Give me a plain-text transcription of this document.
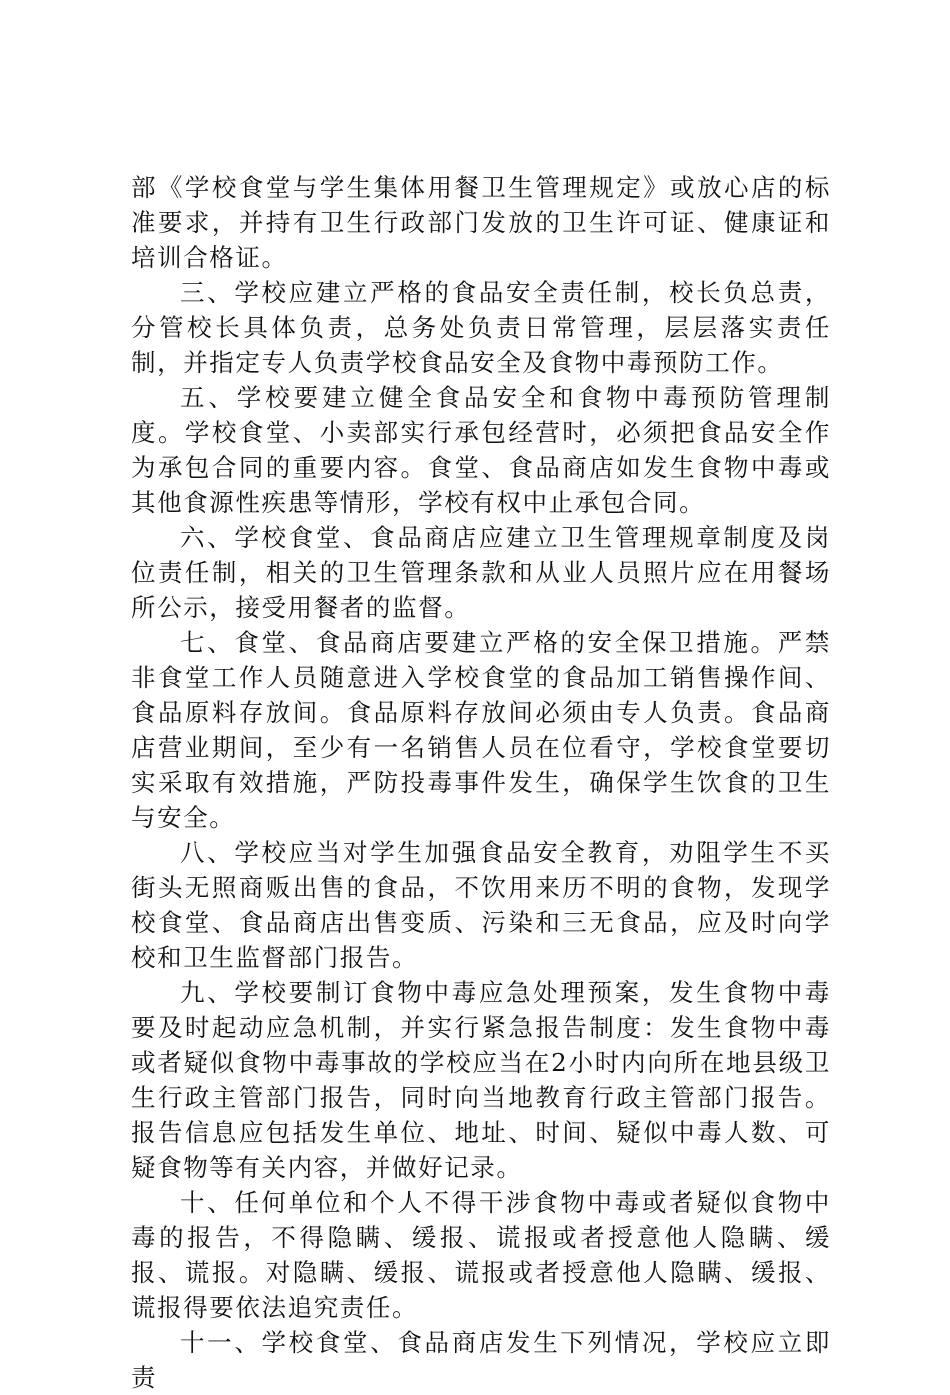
部《学校食堂与学生集体用餐卫生管理规定》或放心店的标准要求，并持有卫生行政部门发放的卫生许可证、健康证和培训合格证。

三、学校应建立严格的食品安全责任制，校长负总责，分管校长具体负责，总务处负责日常管理，层层落实责任制，并指定专人负责学校食品安全及食物中毒预防工作。

五、学校要建立健全食品安全和食物中毒预防管理制度。学校食堂、小卖部实行承包经营时，必须把食品安全作为承包合同的重要内容。食堂、食品商店如发生食物中毒或其他食源性疾患等情形，学校有权中止承包合同。

六、学校食堂、食品商店应建立卫生管理规章制度及岗位责任制，相关的卫生管理条款和从业人员照片应在用餐场所公示，接受用餐者的监督。

七、食堂、食品商店要建立严格的安全保卫措施。严禁非食堂工作人员随意进入学校食堂的食品加工销售操作间、食品原料存放间。食品原料存放间必须由专人负责。食品商店营业期间，至少有一名销售人员在位看守，学校食堂要切实采取有效措施，严防投毒事件发生，确保学生饮食的卫生与安全。

八、学校应当对学生加强食品安全教育，劝阻学生不买街头无照商贩出售的食品，不饮用来历不明的食物，发现学校食堂、食品商店出售变质、污染和三无食品，应及时向学校和卫生监督部门报告。

九、学校要制订食物中毒应急处理预案，发生食物中毒要及时起动应急机制，并实行紧急报告制度：发生食物中毒或者疑似食物中毒事故的学校应当在2小时内向所在地县级卫生行政主管部门报告，同时向当地教育行政主管部门报告。报告信息应包括发生单位、地址、时间、疑似中毒人数、可疑食物等有关内容，并做好记录。

十、任何单位和个人不得干涉食物中毒或者疑似食物中毒的报告，不得隐瞒、缓报、谎报或者授意他人隐瞒、缓报、谎报。对隐瞒、缓报、谎报或者授意他人隐瞒、缓报、谎报得要依法追究责任。

十一、学校食堂、食品商店发生下列情况，学校应立即责
